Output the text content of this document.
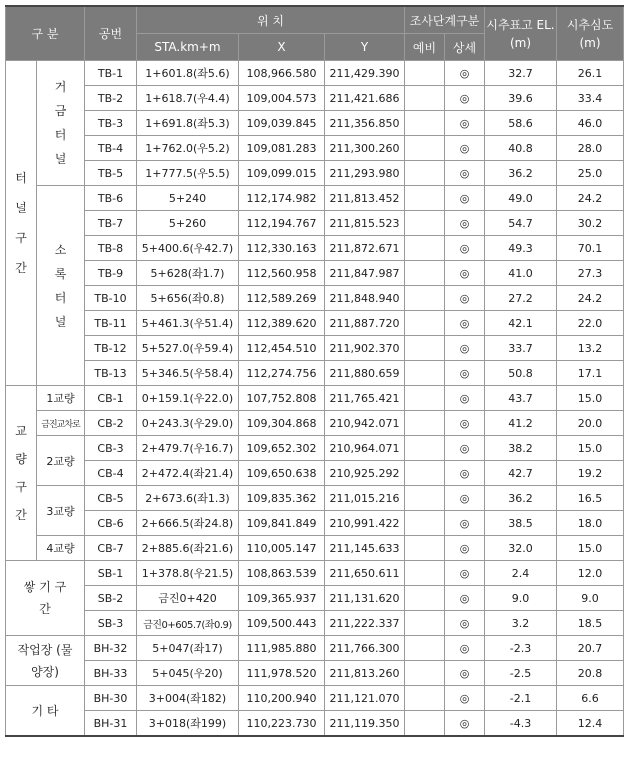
구 분		공번	위 치			조사단계구분		시추표고 EL.(m)	시추심도 (m)
			STA.km+m	X	Y	예비	상세		
터 널 구 간	거 금 터 널	TB-1	1+601.8(좌5.6)	108,966.580	211,429.390		◎	32.7	26.1
		TB-2	1+618.7(우4.4)	109,004.573	211,421.686		◎	39.6	33.4
		TB-3	1+691.8(좌5.3)	109,039.845	211,356.850		◎	58.6	46.0
		TB-4	1+762.0(우5.2)	109,081.283	211,300.260		◎	40.8	28.0
		TB-5	1+777.5(우5.5)	109,099.015	211,293.980		◎	36.2	25.0
	소 록 터 널	TB-6	5+240	112,174.982	211,813.452		◎	49.0	24.2
		TB-7	5+260	112,194.767	211,815.523		◎	54.7	30.2
		TB-8	5+400.6(우42.7)	112,330.163	211,872.671		◎	49.3	70.1
		TB-9	5+628(좌1.7)	112,560.958	211,847.987		◎	41.0	27.3
		TB-10	5+656(좌0.8)	112,589.269	211,848.940		◎	27.2	24.2
		TB-11	5+461.3(우51.4)	112,389.620	211,887.720		◎	42.1	22.0
		TB-12	5+527.0(우59.4)	112,454.510	211,902.370		◎	33.7	13.2
		TB-13	5+346.5(우58.4)	112,274.756	211,880.659		◎	50.8	17.1
교 량 구 간	1교량	CB-1	0+159.1(우22.0)	107,752.808	211,765.421		◎	43.7	15.0
	금진교차로	CB-2	0+243.3(우29.0)	109,304.868	210,942.071		◎	41.2	20.0
	2교량	CB-3	2+479.7(우16.7)	109,652.302	210,964.071		◎	38.2	15.0
		CB-4	2+472.4(좌21.4)	109,650.638	210,925.292		◎	42.7	19.2
	3교량	CB-5	2+673.6(좌1.3)	109,835.362	211,015.216		◎	36.2	16.5
		CB-6	2+666.5(좌24.8)	109,841.849	210,991.422		◎	38.5	18.0
	4교량	CB-7	2+885.6(좌21.6)	110,005.147	211,145.633		◎	32.0	15.0
쌓 기 구 간		SB-1	1+378.8(우21.5)	108,863.539	211,650.611		◎	2.4	12.0
		SB-2	금진0+420	109,365.937	211,131.620		◎	9.0	9.0
		SB-3	금진0+605.7(좌0.9)	109,500.443	211,222.337		◎	3.2	18.5
작업장 (물양장)		BH-32	5+047(좌17)	111,985.880	211,766.300		◎	-2.3	20.7
		BH-33	5+045(우20)	111,978.520	211,813.260		◎	-2.5	20.8
기 타		BH-30	3+004(좌182)	110,200.940	211,121.070		◎	-2.1	6.6
		BH-31	3+018(좌199)	110,223.730	211,119.350		◎	-4.3	12.4
